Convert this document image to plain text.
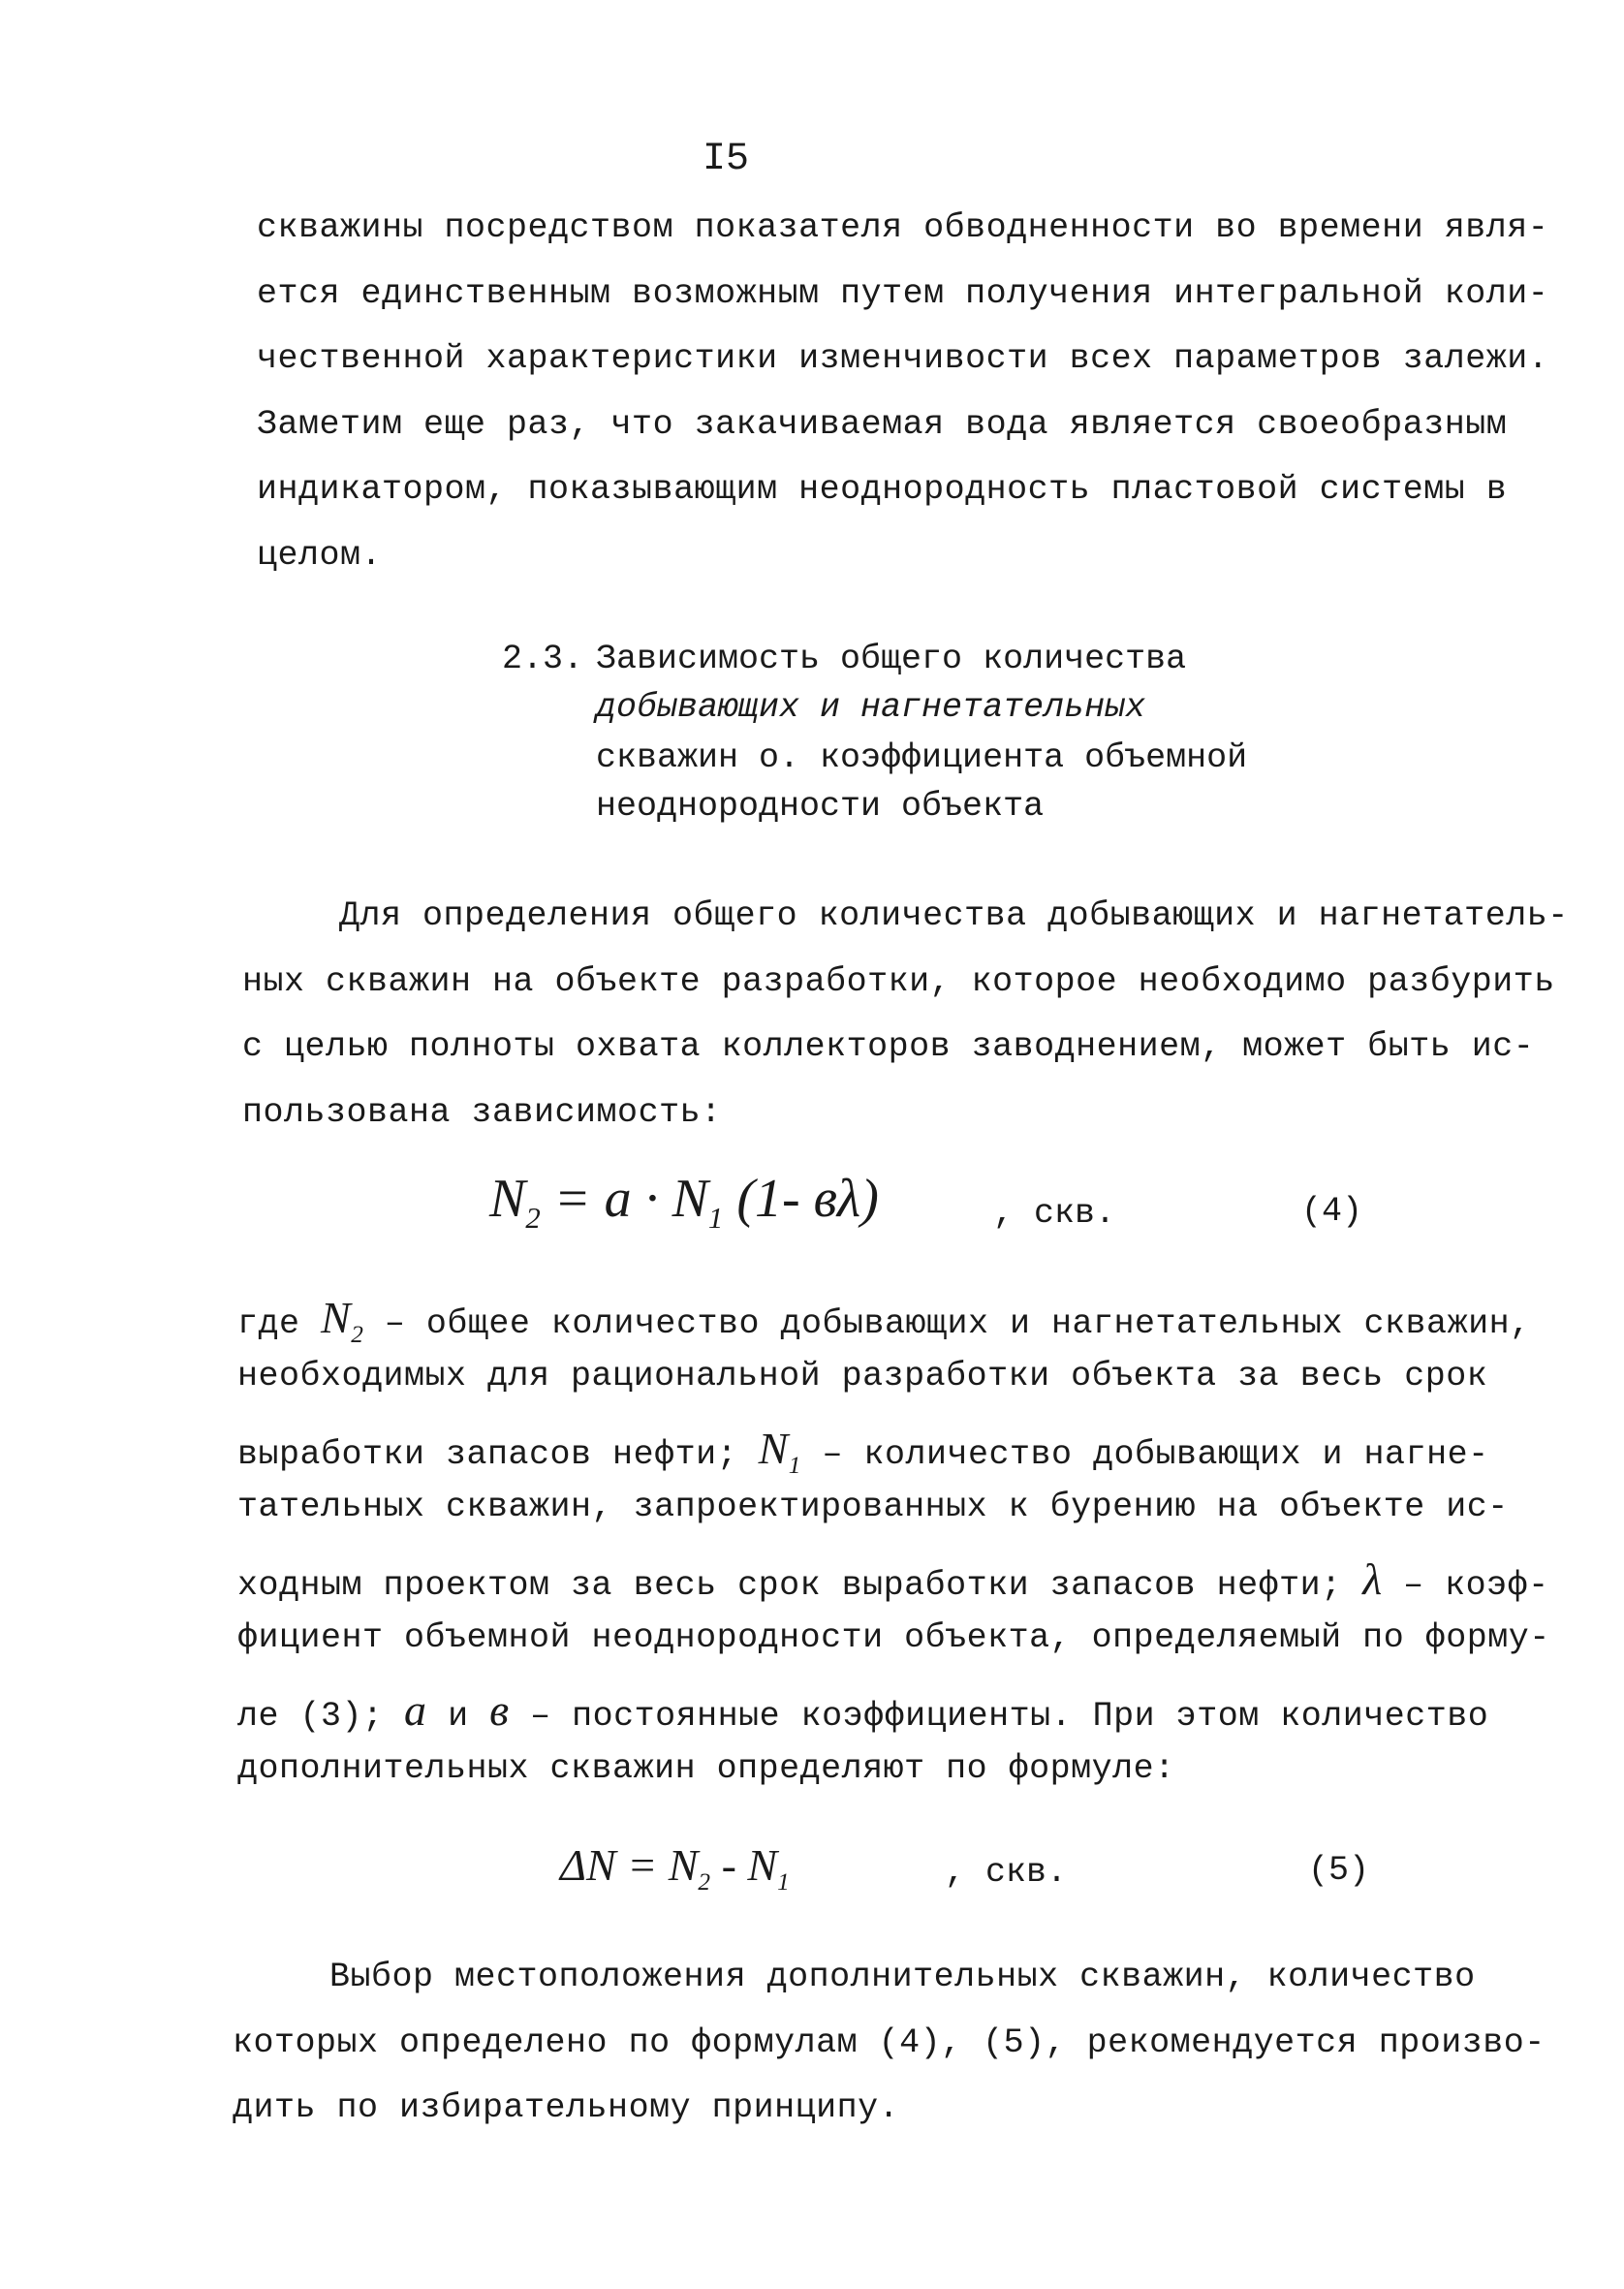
I5
скважины посредством показателя обводненности во времени явля-
ется единственным возможным путем получения интегральной коли-
чественной характеристики изменчивости всех параметров залежи.
Заметим еще раз, что закачиваемая вода является своеобразным
индикатором, показывающим неоднородность пластовой системы в
целом.
2.3. Зависимость общего количества
добывающих и нагнетательных
скважин о. коэффициента объемной
неоднородности объекта
Для определения общего количества добывающих и нагнетатель-
ных скважин на объекте разработки, которое необходимо разбурить
с целью полноты охвата коллекторов заводнением, может быть ис-
пользована зависимость:
$N_2 = a \cdot N_1$ (1- вλ)	, скв.	(4)
где $N_2$ – общее количество добывающих и нагнетательных скважин,
необходимых для рациональной разработки объекта за весь срок
выработки запасов нефти; $N_1$ – количество добывающих и нагне-
тательных скважин, запроектированных к бурению на объекте ис-
ходным проектом за весь срок выработки запасов нефти; λ – коэф-
фициент объемной неоднородности объекта, определяемый по форму-
ле (3); a и в – постоянные коэффициенты. При этом количество
дополнительных скважин определяют по формуле:
$\Delta N = N_2 - N_1$	, скв.	(5)
Выбор местоположения дополнительных скважин, количество
которых определено по формулам (4), (5), рекомендуется произво-
дить по избирательному принципу.
